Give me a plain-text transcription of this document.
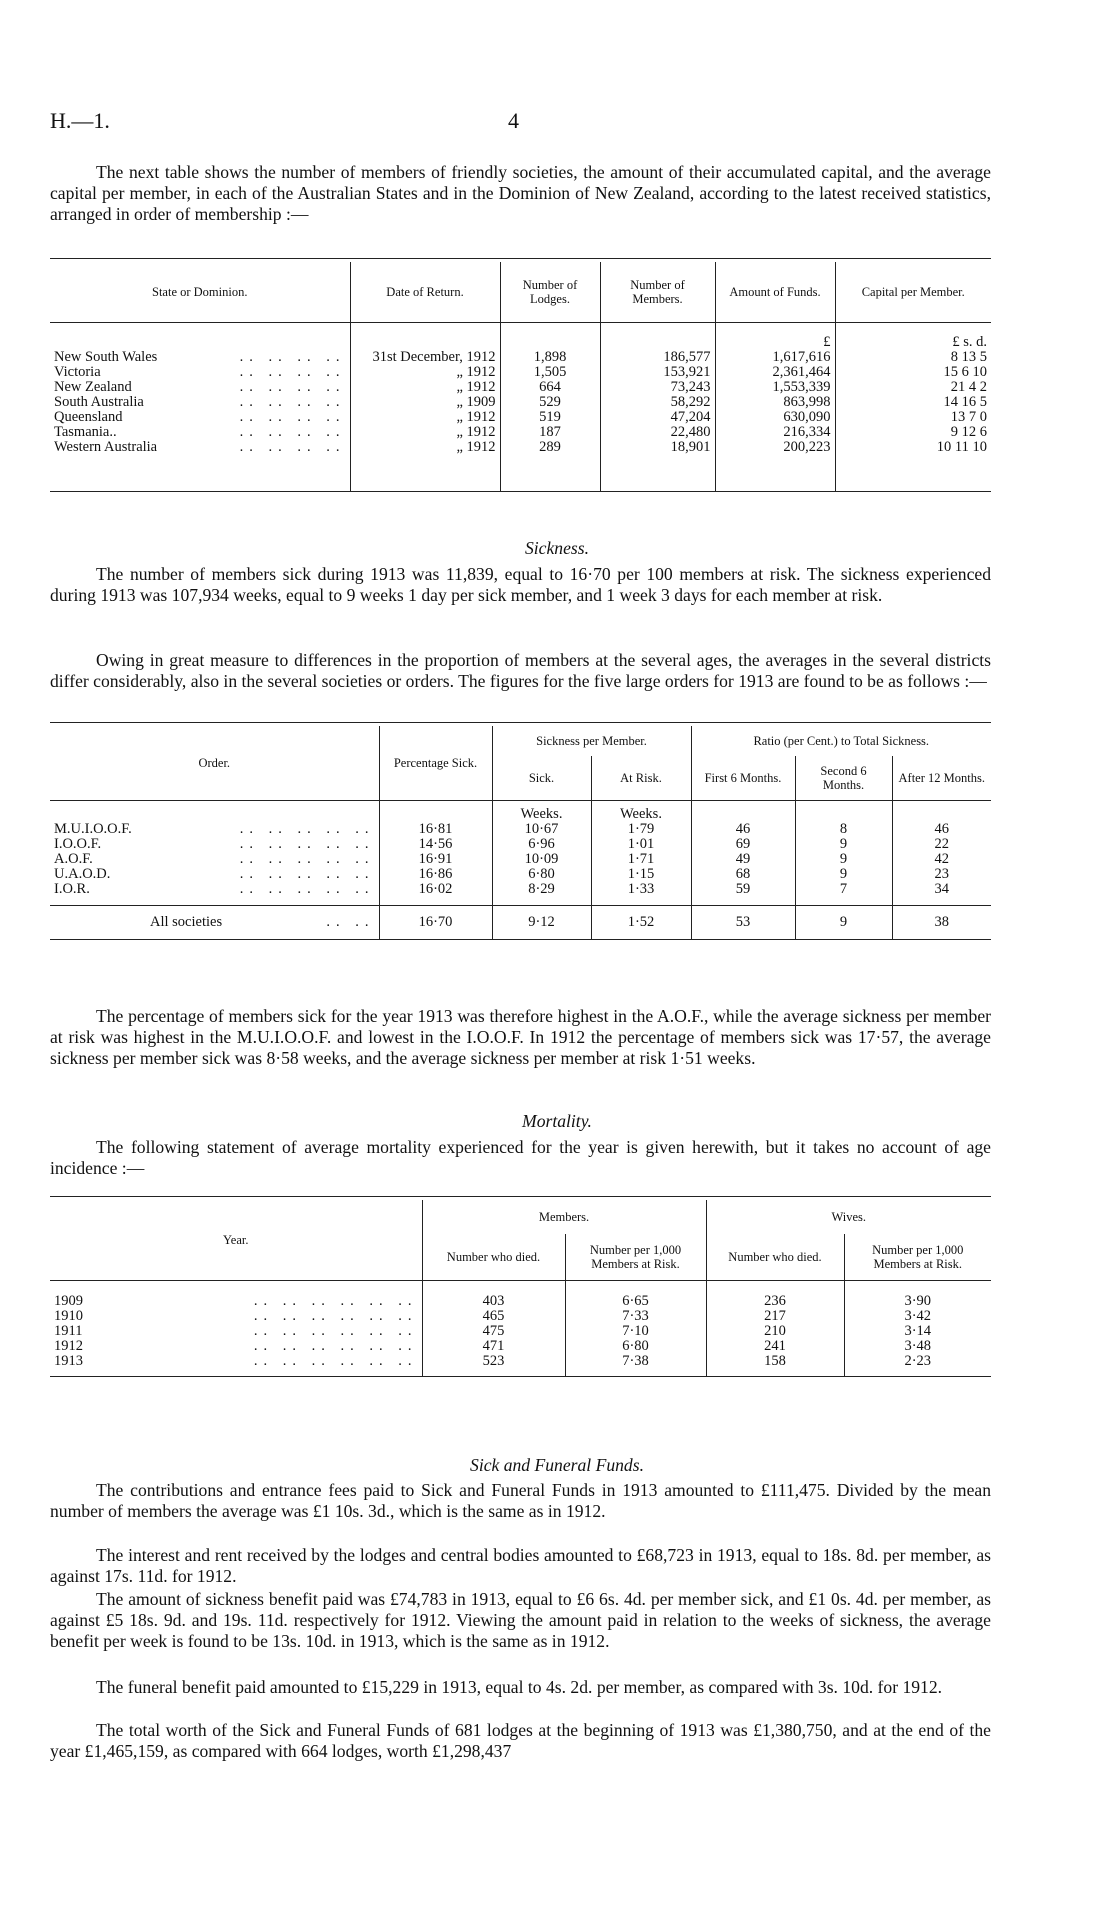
H.—1.	4

The next table shows the number of members of friendly societies, the amount of their accumulated capital, and the average capital per member, in each of the Australian States and in the Dominion of New Zealand, according to the latest received statistics, arranged in order of membership :—

State or Dominion.	Date of Return.	Number of Lodges.	Number of Members.	Amount of Funds.	Capital per Member.
				£	£ s. d.
New South Wales .. .. .. ..	31st December, 1912	1,898	186,577	1,617,616	8 13 5
Victoria .. .. .. ..	„ 1912	1,505	153,921	2,361,464	15 6 10
New Zealand .. .. .. ..	„ 1912	664	73,243	1,553,339	21 4 2
South Australia .. .. .. ..	„ 1909	529	58,292	863,998	14 16 5
Queensland .. .. .. ..	„ 1912	519	47,204	630,090	13 7 0
Tasmania.. .. .. .. ..	„ 1912	187	22,480	216,334	9 12 6
Western Australia .. .. .. ..	„ 1912	289	18,901	200,223	10 11 10

Sickness.

The number of members sick during 1913 was 11,839, equal to 16·70 per 100 members at risk. The sickness experienced during 1913 was 107,934 weeks, equal to 9 weeks 1 day per sick member, and 1 week 3 days for each member at risk.

Owing in great measure to differences in the proportion of members at the several ages, the averages in the several districts differ considerably, also in the several societies or orders. The figures for the five large orders for 1913 are found to be as follows :—

Order.	Percentage Sick.	Sickness per Member.		Ratio (per Cent.) to Total Sickness.		
		Sick.	At Risk.	First 6 Months.	Second 6 Months.	After 12 Months.
		Weeks.	Weeks.			
M.U.I.O.O.F. .. .. .. .. ..	16·81	10·67	1·79	46	8	46
I.O.O.F. .. .. .. .. ..	14·56	6·96	1·01	69	9	22
A.O.F. .. .. .. .. ..	16·91	10·09	1·71	49	9	42
U.A.O.D. .. .. .. .. ..	16·86	6·80	1·15	68	9	23
I.O.R. .. .. .. .. ..	16·02	8·29	1·33	59	7	34

All societies .. ..	16·70	9·12	1·52	53	9	38

The percentage of members sick for the year 1913 was therefore highest in the A.O.F., while the average sickness per member at risk was highest in the M.U.I.O.O.F. and lowest in the I.O.O.F. In 1912 the percentage of members sick was 17·57, the average sickness per member sick was 8·58 weeks, and the average sickness per member at risk 1·51 weeks.

Mortality.

The following statement of average mortality experienced for the year is given herewith, but it takes no account of age incidence :—

Year.	Members.		Wives.	
	Number who died.	Number per 1,000 Members at Risk.	Number who died.	Number per 1,000 Members at Risk.

1909 .. .. .. .. .. ..	403	6·65	236	3·90
1910 .. .. .. .. .. ..	465	7·33	217	3·42
1911 .. .. .. .. .. ..	475	7·10	210	3·14
1912 .. .. .. .. .. ..	471	6·80	241	3·48
1913 .. .. .. .. .. ..	523	7·38	158	2·23

Sick and Funeral Funds.

The contributions and entrance fees paid to Sick and Funeral Funds in 1913 amounted to £111,475. Divided by the mean number of members the average was £1 10s. 3d., which is the same as in 1912.

The interest and rent received by the lodges and central bodies amounted to £68,723 in 1913, equal to 18s. 8d. per member, as against 17s. 11d. for 1912.

The amount of sickness benefit paid was £74,783 in 1913, equal to £6 6s. 4d. per member sick, and £1 0s. 4d. per member, as against £5 18s. 9d. and 19s. 11d. respectively for 1912. Viewing the amount paid in relation to the weeks of sickness, the average benefit per week is found to be 13s. 10d. in 1913, which is the same as in 1912.

The funeral benefit paid amounted to £15,229 in 1913, equal to 4s. 2d. per member, as compared with 3s. 10d. for 1912.

The total worth of the Sick and Funeral Funds of 681 lodges at the beginning of 1913 was £1,380,750, and at the end of the year £1,465,159, as compared with 664 lodges, worth £1,298,437
